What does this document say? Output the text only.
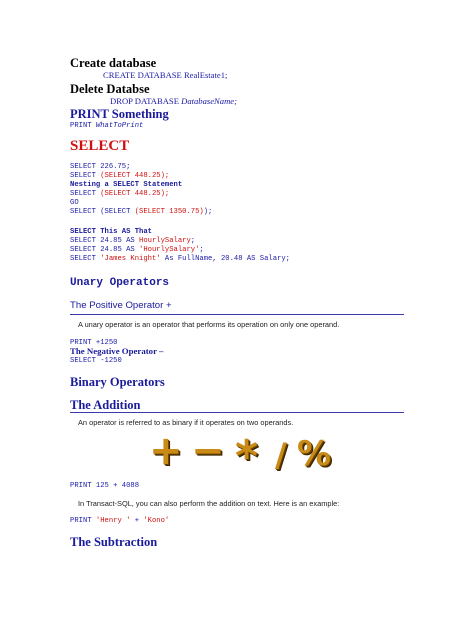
Create database
CREATE DATABASE RealEstate1;
Delete Databse
DROP DATABASE DatabaseName;
PRINT Something
PRINT WhatToPrint
SELECT
SELECT 226.75;
SELECT (SELECT 448.25);
Nesting a SELECT Statement
SELECT (SELECT 448.25);
GO
SELECT (SELECT (SELECT 1350.75));
SELECT This AS That
SELECT 24.85 AS HourlySalary;
SELECT 24.85 AS 'HourlySalary';
SELECT 'James Knight' As FullName, 20.48 AS Salary;
Unary Operators
The Positive Operator +
A unary operator is an operator that performs its operation on only one operand.
PRINT +1250
The Negative Operator –
SELECT -1250
Binary Operators
The Addition
An operator is referred to as binary if it operates on two operands.
+ − * / %
PRINT 125 + 4088
In Transact-SQL, you can also perform the addition on text. Here is an example:
PRINT 'Henry ' + 'Kono'
The Subtraction
